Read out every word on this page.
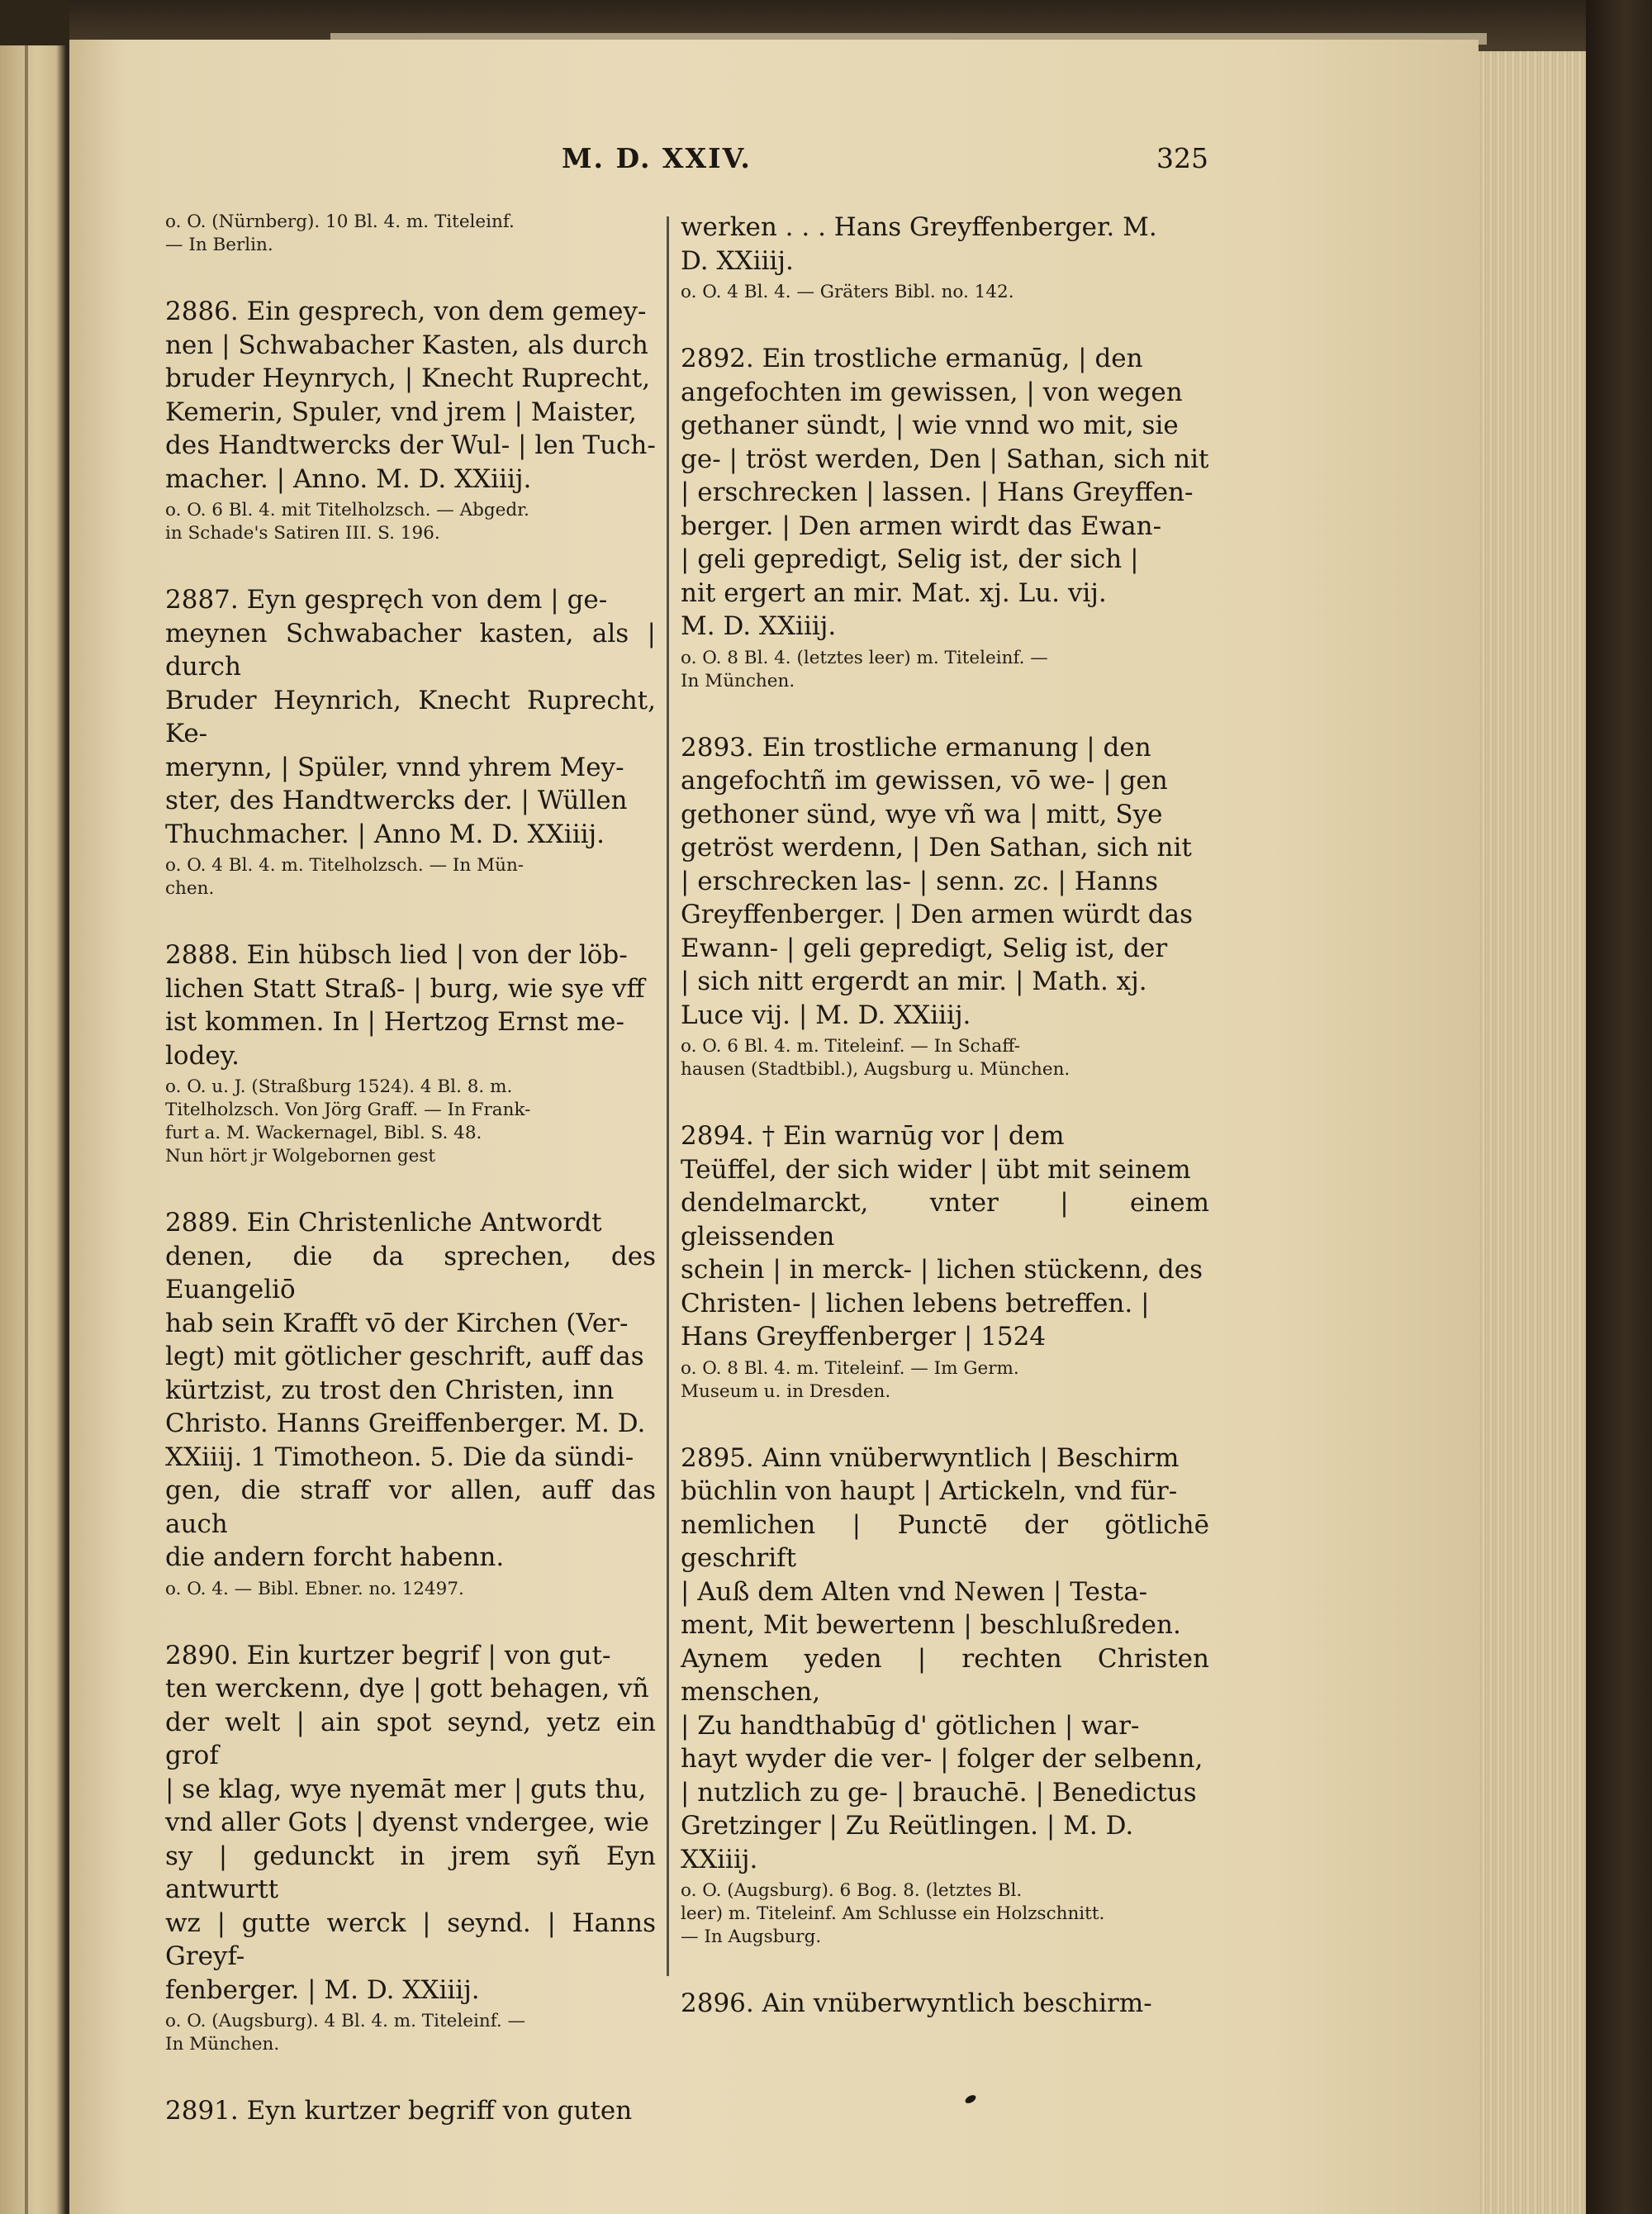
M. D. XXIV.	325

o. O. (Nürnberg). 10 Bl. 4. m. Titeleinf.
— In Berlin.

2886. Ein gesprech, von dem gemey-
nen | Schwabacher Kasten, als durch
bruder Heynrych, | Knecht Ruprecht,
Kemerin, Spuler, vnd jrem | Maister,
des Handtwercks der Wul- | len Tuch-
macher. | Anno. M. D. XXiiij.

o. O. 6 Bl. 4. mit Titelholzsch. — Abgedr.
in Schade's Satiren III. S. 196.

2887. Eyn gespręch von dem | ge-
meynen Schwabacher kasten, als | durch
Bruder Heynrich, Knecht Ruprecht, Ke-
merynn, | Spüler, vnnd yhrem Mey-
ster, des Handtwercks der. | Wüllen
Thuchmacher. | Anno M. D. XXiiij.

o. O. 4 Bl. 4. m. Titelholzsch. — In Mün-
chen.

2888. Ein hübsch lied | von der löb-
lichen Statt Straß- | burg, wie sye vff
ist kommen. In | Hertzog Ernst me-
lodey.

o. O. u. J. (Straßburg 1524). 4 Bl. 8. m.
Titelholzsch. Von Jörg Graff. — In Frank-
furt a. M. Wackernagel, Bibl. S. 48.
Nun hört jr Wolgebornen gest

2889. Ein Christenliche Antwordt
denen, die da sprechen, des Euangeliō
hab sein Krafft vō der Kirchen (Ver-
legt) mit götlicher geschrift, auff das
kürtzist, zu trost den Christen, inn
Christo. Hanns Greiffenberger. M. D.
XXiiij. 1 Timotheon. 5. Die da sündi-
gen, die straff vor allen, auff das auch
die andern forcht habenn.

o. O. 4. — Bibl. Ebner. no. 12497.

2890. Ein kurtzer begrif | von gut-
ten werckenn, dye | gott behagen, vñ
der welt | ain spot seynd, yetz ein grof
| se klag, wye nyemāt mer | guts thu,
vnd aller Gots | dyenst vndergee, wie
sy | gedunckt in jrem syñ Eyn antwurtt
wz | gutte werck | seynd. | Hanns Greyf-
fenberger. | M. D. XXiiij.

o. O. (Augsburg). 4 Bl. 4. m. Titeleinf. —
In München.

2891. Eyn kurtzer begriff von guten

werken . . . Hans Greyffenberger. M.
D. XXiiij.

o. O. 4 Bl. 4. — Gräters Bibl. no. 142.

2892. Ein trostliche ermanūg, | den
angefochten im gewissen, | von wegen
gethaner sündt, | wie vnnd wo mit, sie
ge- | tröst werden, Den | Sathan, sich nit
| erschrecken | lassen. | Hans Greyffen-
berger. | Den armen wirdt das Ewan-
| geli gepredigt, Selig ist, der sich |
nit ergert an mir. Mat. xj. Lu. vij.
M. D. XXiiij.

o. O. 8 Bl. 4. (letztes leer) m. Titeleinf. —
In München.

2893. Ein trostliche ermanung | den
angefochtñ im gewissen, vō we- | gen
gethoner sünd, wye vñ wa | mitt, Sye
getröst werdenn, | Den Sathan, sich nit
| erschrecken las- | senn. zc. | Hanns
Greyffenberger. | Den armen würdt das
Ewann- | geli gepredigt, Selig ist, der
| sich nitt ergerdt an mir. | Math. xj.
Luce vij. | M. D. XXiiij.

o. O. 6 Bl. 4. m. Titeleinf. — In Schaff-
hausen (Stadtbibl.), Augsburg u. München.

2894. † Ein warnūg vor | dem
Teüffel, der sich wider | übt mit seinem
dendelmarckt, vnter | einem gleissenden
schein | in merck- | lichen stückenn, des
Christen- | lichen lebens betreffen. |
Hans Greyffenberger | 1524

o. O. 8 Bl. 4. m. Titeleinf. — Im Germ.
Museum u. in Dresden.

2895. Ainn vnüberwyntlich | Beschirm
büchlin von haupt | Artickeln, vnd für-
nemlichen | Punctē der götlichē geschrift
| Auß dem Alten vnd Newen | Testa-
ment, Mit bewertenn | beschlußreden.
Aynem yeden | rechten Christen menschen,
| Zu handthabūg d' götlichen | war-
hayt wyder die ver- | folger der selbenn,
| nutzlich zu ge- | brauchē. | Benedictus
Gretzinger | Zu Reütlingen. | M. D.
XXiiij.

o. O. (Augsburg). 6 Bog. 8. (letztes Bl.
leer) m. Titeleinf. Am Schlusse ein Holzschnitt.
— In Augsburg.

2896. Ain vnüberwyntlich beschirm-
